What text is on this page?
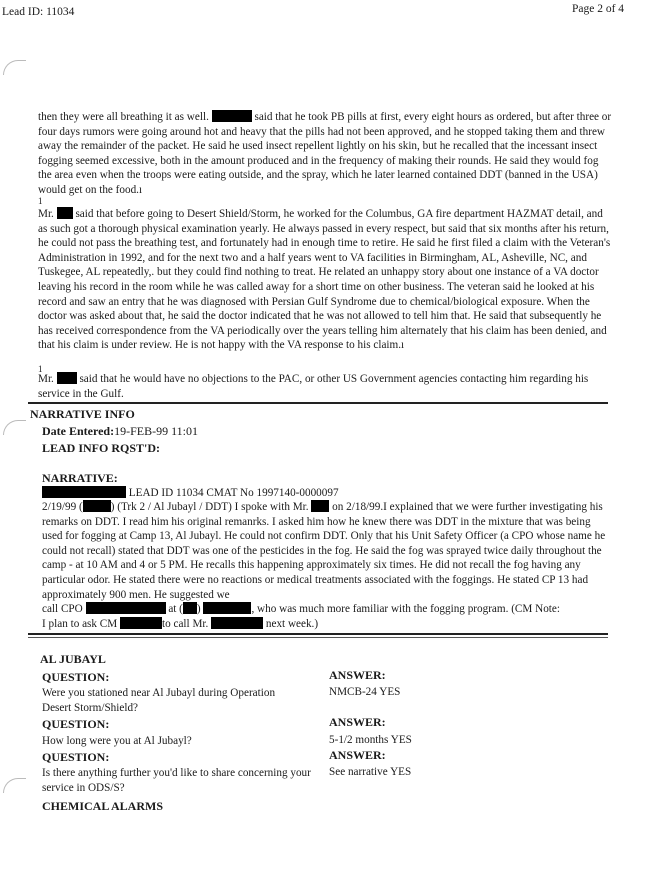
Lead ID: 11034	Page 2 of 4

then they were all breathing it as well.	said that he took PB pills at first, every eight hours as ordered, but after three or four days rumors were going around hot and heavy that the pills had not been approved, and he stopped taking them and threw away the remainder of the packet. He said he used insect repellent lightly on his skin, but he recalled that the incessant insect fogging seemed excessive, both in the amount produced and in the frequency of making their rounds. He said they would fog the area even when the troops were eating outside, and the spray, which he later learned contained DDT (banned in the USA) would get on the food.ı

1

Mr. said that before going to Desert Shield/Storm, he worked for the Columbus, GA fire department HAZMAT detail, and as such got a thorough physical examination yearly. He always passed in every respect, but said that six months after his return, he could not pass the breathing test, and fortunately had in enough time to retire. He said he first filed a claim with the Veteran's Administration in 1992, and for the next two and a half years went to VA facilities in Birmingham, AL, Asheville, NC, and Tuskegee, AL repeatedly,. but they could find nothing to treat. He related an unhappy story about one instance of a VA doctor leaving his record in the room while he was called away for a short time on other business. The veteran said he looked at his record and saw an entry that he was diagnosed with Persian Gulf Syndrome due to chemical/biological exposure. When the doctor was asked about that, he said the doctor indicated that he was not allowed to tell him that. He said that subsequently he has received correspondence from the VA periodically over the years telling him alternately that his claim has been denied, and that his claim is under review. He is not happy with the VA response to his claim.ı

1

Mr. said that he would have no objections to the PAC, or other US Government agencies contacting him regarding his service in the Gulf.

NARRATIVE INFO
Date Entered:19-FEB-99 11:01
LEAD INFO RQST'D:
NARRATIVE:
LEAD ID 11034 CMAT No 1997140-0000097

2/19/99 (	) (Trk 2 / Al Jubayl / DDT) I spoke with Mr. on 2/18/99.I explained that we were further investigating his remarks on DDT. I read him his original remanrks. I asked him how he knew there was DDT in the mixture that was being used for fogging at Camp 13, Al Jubayl. He could not confirm DDT. Only that his Unit Safety Officer (a CPO whose name he could not recall) stated that DDT was one of the pesticides in the fog. He said the fog was sprayed twice daily throughout the camp - at 10 AM and 4 or 5 PM. He recalls this happening approximately six times. He did not recall the fog having any particular odor. He stated there were no reactions or medical treatments associated with the foggings. He stated CP 13 had approximately 900 men. He suggested we

call CPO	at ( )	, who was much more familiar with the fogging program. (CM Note:

I plan to ask CM	to call Mr.	next week.)

AL JUBAYL
QUESTION:
Were you stationed near Al Jubayl during Operation Desert Storm/Shield?
ANSWER:
NMCB-24 YES
QUESTION:
How long were you at Al Jubayl?
ANSWER:
5-1/2 months YES
QUESTION:
Is there anything further you'd like to share concerning your service in ODS/S?
ANSWER:
See narrative YES
CHEMICAL ALARMS
